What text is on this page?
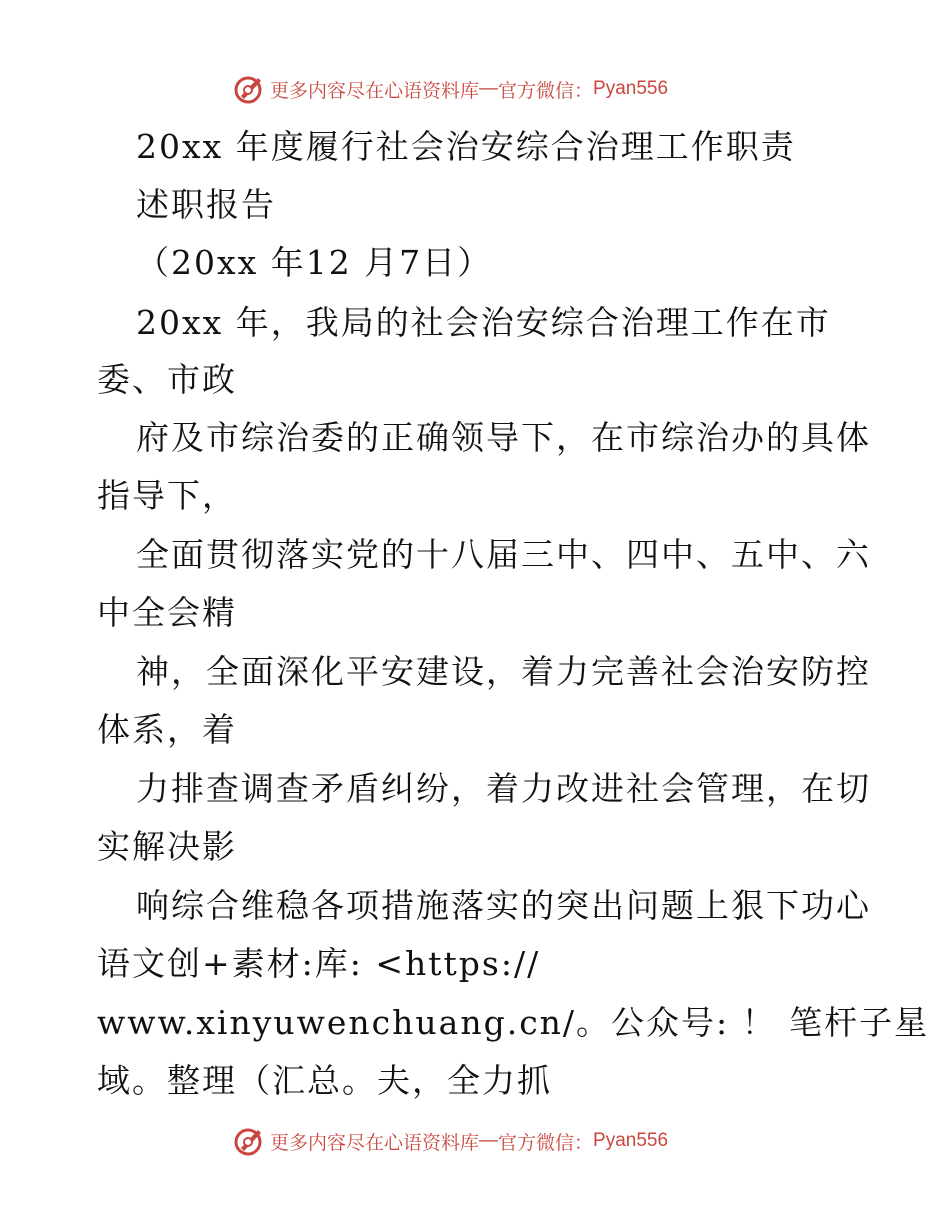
更多内容尽在心语资料库 — 官方微信： Pyan556
20xx 年度履行社会治安综合治理工作职责
述职报告
（20xx 年12 月7日）
20xx 年，我局的社会治安综合治理工作在市
委、市政
府及市综治委的正确领导下，在市综治办的具体
指导下，
全面贯彻落实党的十八届三中、四中、五中、六
中全会精
神，全面深化平安建设，着力完善社会治安防控
体系，着
力排查调查矛盾纠纷，着力改进社会管理，在切
实解决影
响综合维稳各项措施落实的突出问题上狠下功心
语文创+素材:库: <https://
www.xinyuwenchuang.cn/。公众号: ！ 笔杆子星
域。整理（汇总。夫，全力抓
更多内容尽在心语资料库 — 官方微信： Pyan556
